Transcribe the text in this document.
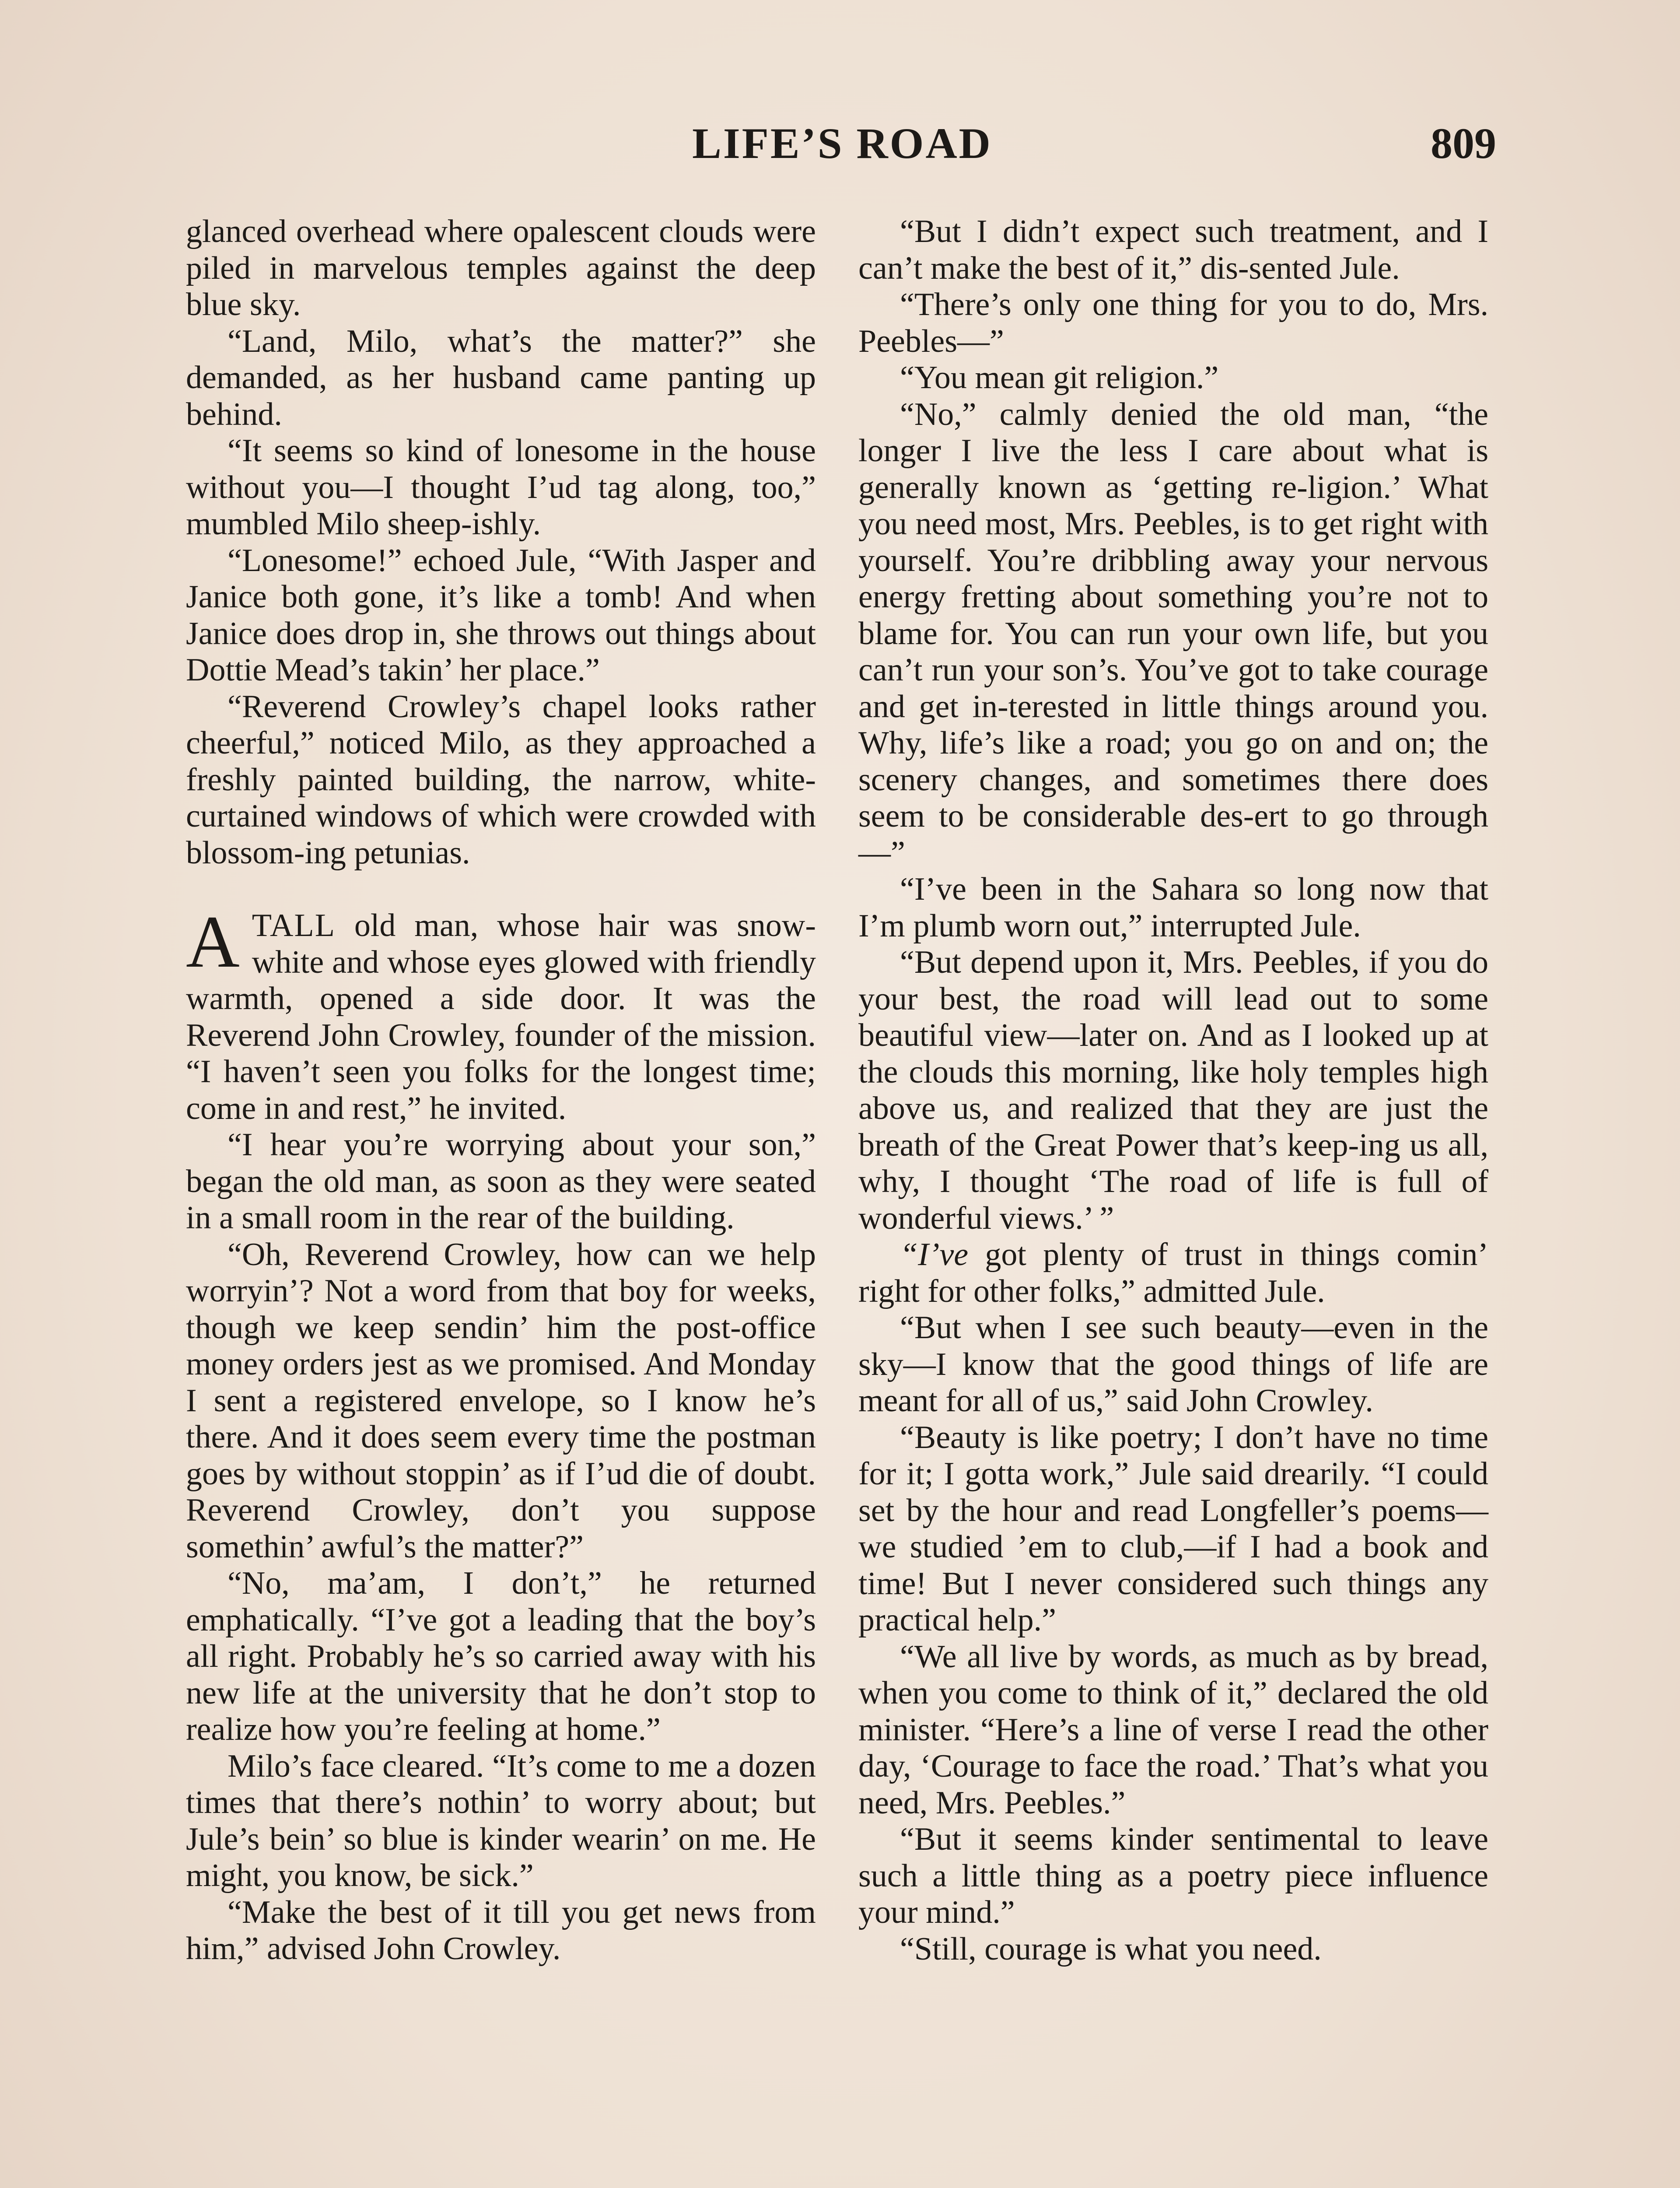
LIFE’S ROAD	809

glanced overhead where opalescent clouds were piled in marvelous temples against the deep blue sky.

“Land, Milo, what’s the matter?” she demanded, as her husband came panting up behind.

“It seems so kind of lonesome in the house without you—I thought I’ud tag along, too,” mumbled Milo sheep-ishly.

“Lonesome!” echoed Jule, “With Jasper and Janice both gone, it’s like a tomb! And when Janice does drop in, she throws out things about Dottie Mead’s takin’ her place.”

“Reverend Crowley’s chapel looks rather cheerful,” noticed Milo, as they approached a freshly painted building, the narrow, white-curtained windows of which were crowded with blossom-ing petunias.

ATALL old man, whose hair was snow-white and whose eyes glowed with friendly warmth, opened a side door. It was the Reverend John Crowley, founder of the mission. “I haven’t seen you folks for the longest time; come in and rest,” he invited.

“I hear you’re worrying about your son,” began the old man, as soon as they were seated in a small room in the rear of the building.

“Oh, Reverend Crowley, how can we help worryin’? Not a word from that boy for weeks, though we keep sendin’ him the post-office money orders jest as we promised. And Monday I sent a registered envelope, so I know he’s there. And it does seem every time the postman goes by without stoppin’ as if I’ud die of doubt. Reverend Crowley, don’t you suppose somethin’ awful’s the matter?”

“No, ma’am, I don’t,” he returned emphatically. “I’ve got a leading that the boy’s all right. Probably he’s so carried away with his new life at the university that he don’t stop to realize how you’re feeling at home.”

Milo’s face cleared. “It’s come to me a dozen times that there’s nothin’ to worry about; but Jule’s bein’ so blue is kinder wearin’ on me. He might, you know, be sick.”

“Make the best of it till you get news from him,” advised John Crowley.

“But I didn’t expect such treatment, and I can’t make the best of it,” dis-sented Jule.

“There’s only one thing for you to do, Mrs. Peebles—”

“You mean git religion.”

“No,” calmly denied the old man, “the longer I live the less I care about what is generally known as ‘getting re-ligion.’ What you need most, Mrs. Peebles, is to get right with yourself. You’re dribbling away your nervous energy fretting about something you’re not to blame for. You can run your own life, but you can’t run your son’s. You’ve got to take courage and get in-terested in little things around you. Why, life’s like a road; you go on and on; the scenery changes, and sometimes there does seem to be considerable des-ert to go through—”

“I’ve been in the Sahara so long now that I’m plumb worn out,” interrupted Jule.

“But depend upon it, Mrs. Peebles, if you do your best, the road will lead out to some beautiful view—later on. And as I looked up at the clouds this morning, like holy temples high above us, and realized that they are just the breath of the Great Power that’s keep-ing us all, why, I thought ‘The road of life is full of wonderful views.’ ”

“I’ve got plenty of trust in things comin’ right for other folks,” admitted Jule.

“But when I see such beauty—even in the sky—I know that the good things of life are meant for all of us,” said John Crowley.

“Beauty is like poetry; I don’t have no time for it; I gotta work,” Jule said drearily. “I could set by the hour and read Longfeller’s poems—we studied ’em to club,—if I had a book and time! But I never considered such things any practical help.”

“We all live by words, as much as by bread, when you come to think of it,” declared the old minister. “Here’s a line of verse I read the other day, ‘Courage to face the road.’ That’s what you need, Mrs. Peebles.”

“But it seems kinder sentimental to leave such a little thing as a poetry piece influence your mind.”

“Still, courage is what you need.
